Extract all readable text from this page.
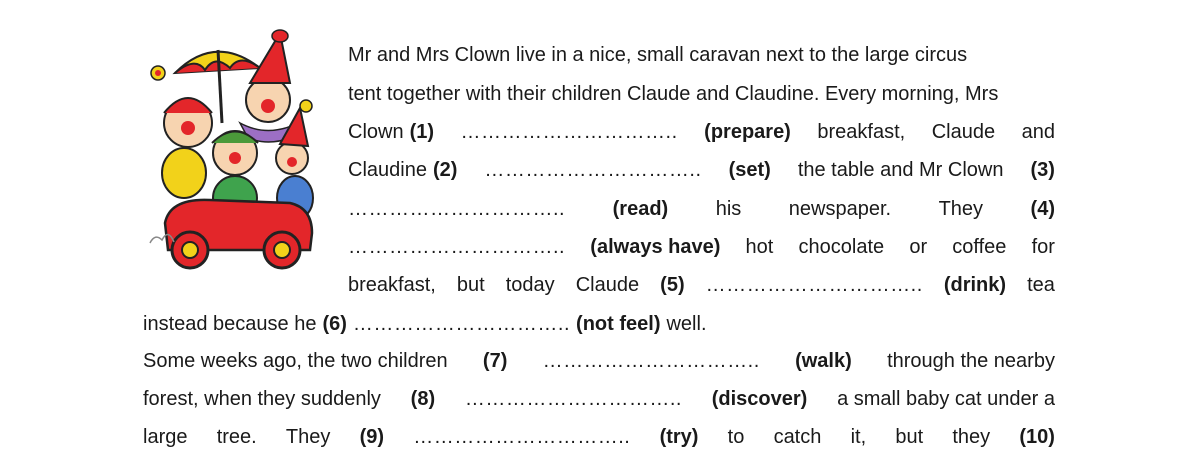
Mr and Mrs Clown live in a nice, small caravan next to the large circus
tent together with their children Claude and Claudine. Every morning, Mrs
Clown (1) ………………………….. (prepare) breakfast, Claude and
Claudine (2) ………………………….. (set) the table and Mr Clown (3)
………………………….. (read) his newspaper. They (4)
………………………….. (always have) hot chocolate or coffee for
breakfast, but today Claude (5) ………………………….. (drink) tea
instead because he (6) ………………………….. (not feel) well.
Some weeks ago, the two children (7) ………………………….. (walk) through the nearby
forest, when they suddenly (8) ………………………….. (discover) a small baby cat under a
large tree. They (9) ………………………….. (try) to catch it, but they (10)
